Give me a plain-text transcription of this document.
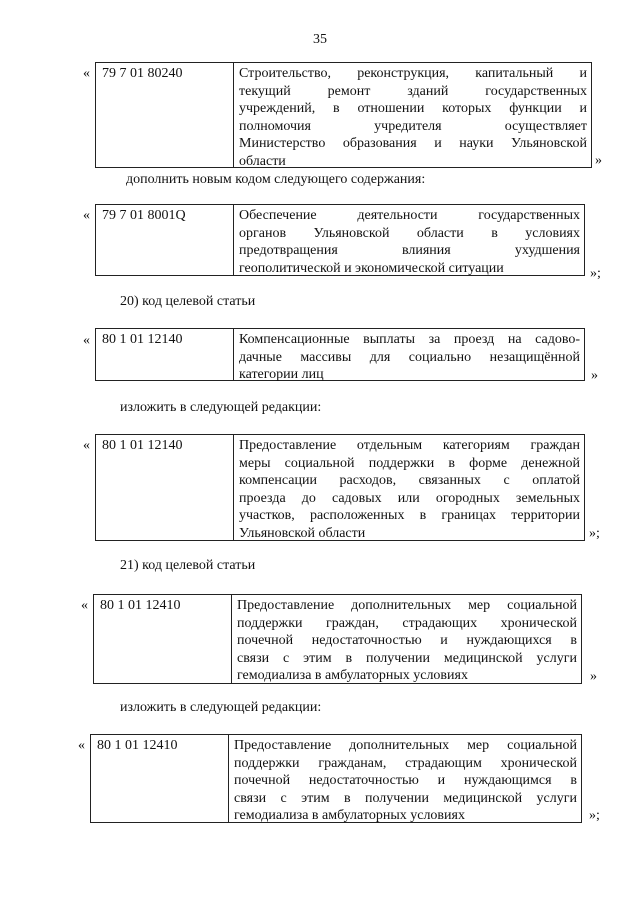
35
« 79 7 01 80240	Строительство, реконструкция, капитальный и
текущий ремонт зданий государственных
учреждений, в отношении которых функции и
полномочия учредителя осуществляет
Министерство образования и науки Ульяновской
области	»
дополнить новым кодом следующего содержания:
« 79 7 01 8001Q	Обеспечение деятельности государственных
органов Ульяновской области в условиях
предотвращения влияния ухудшения
геополитической и экономической ситуации	»;
20) код целевой статьи
« 80 1 01 12140	Компенсационные выплаты за проезд на садово-
дачные массивы для социально незащищённой
категории лиц	»
изложить в следующей редакции:
« 80 1 01 12140	Предоставление отдельным категориям граждан
меры социальной поддержки в форме денежной
компенсации расходов, связанных с оплатой
проезда до садовых или огородных земельных
участков, расположенных в границах территории
Ульяновской области	»;
21) код целевой статьи
« 80 1 01 12410	Предоставление дополнительных мер социальной
поддержки граждан, страдающих хронической
почечной недостаточностью и нуждающихся в
связи с этим в получении медицинской услуги
гемодиализа в амбулаторных условиях	»
изложить в следующей редакции:
« 80 1 01 12410	Предоставление дополнительных мер социальной
поддержки гражданам, страдающим хронической
почечной недостаточностью и нуждающимся в
связи с этим в получении медицинской услуги
гемодиализа в амбулаторных условиях	»;
